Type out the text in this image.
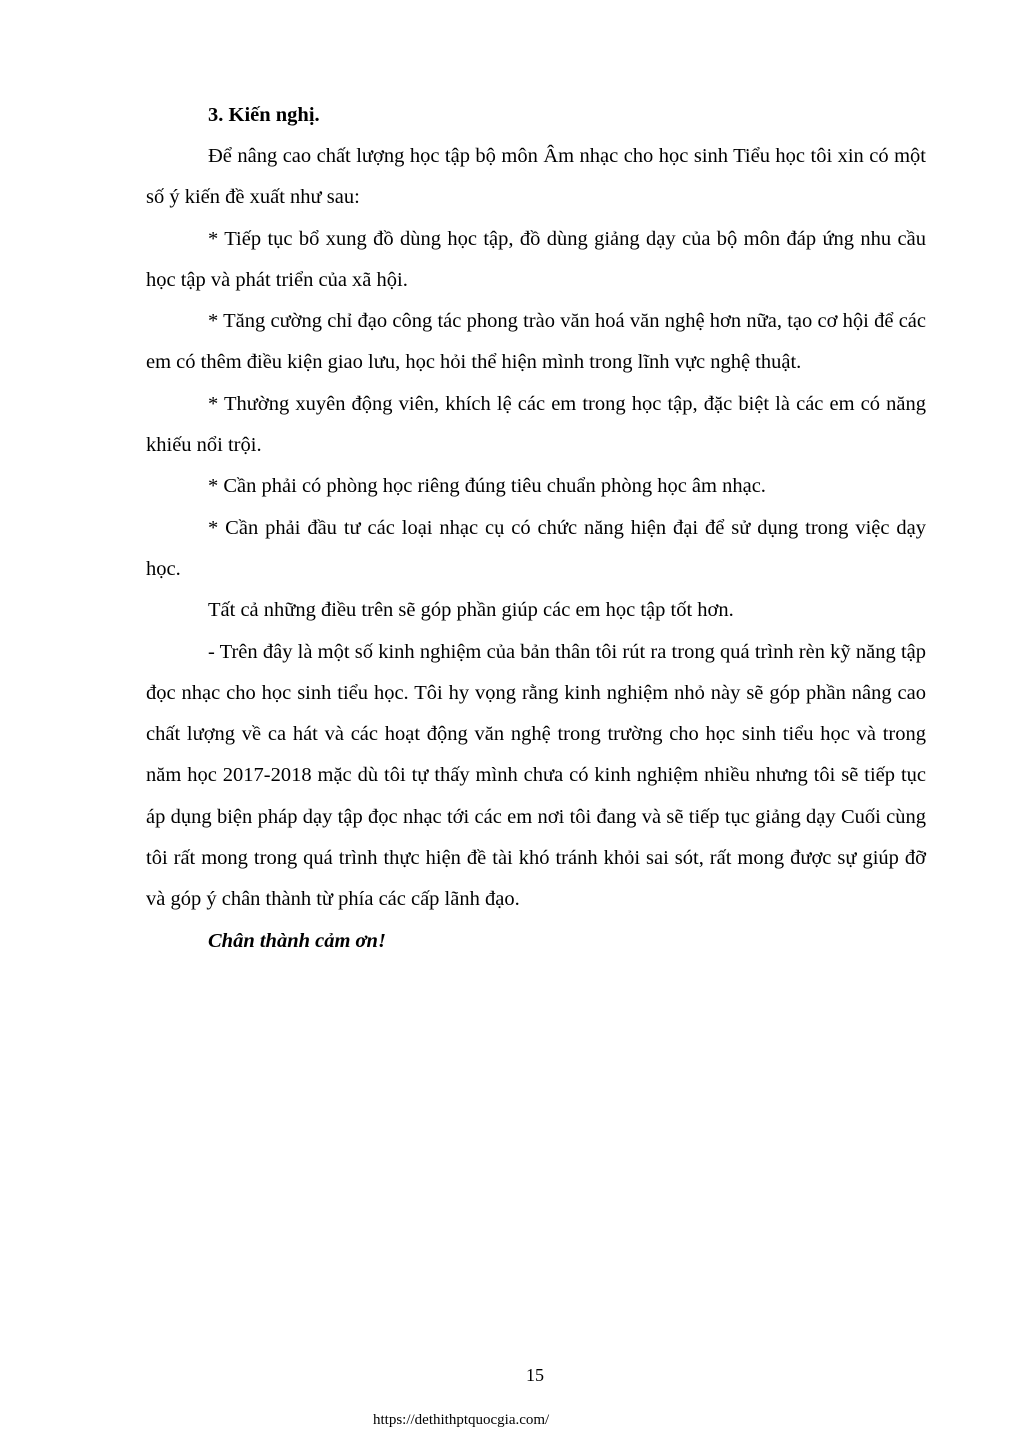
3. Kiến nghị.

Để nâng cao chất lượng học tập bộ môn Âm nhạc cho học sinh Tiểu học tôi xin có một số ý kiến đề xuất như sau:

* Tiếp tục bổ xung đồ dùng học tập, đồ dùng giảng dạy của bộ môn đáp ứng nhu cầu học tập và phát triển của xã hội.

* Tăng cường chỉ đạo công tác phong trào văn hoá văn nghệ hơn nữa, tạo cơ hội để các em có thêm điều kiện giao lưu, học hỏi thể hiện mình trong lĩnh vực nghệ thuật.

* Thường xuyên động viên, khích lệ các em trong học tập, đặc biệt là các em có năng khiếu nổi trội.

* Cần phải có phòng học riêng đúng tiêu chuẩn phòng học âm nhạc.

* Cần phải đầu tư các loại nhạc cụ có chức năng hiện đại để sử dụng trong việc dạy học.

Tất cả những điều trên sẽ góp phần giúp các em học tập tốt hơn.

- Trên đây là một số kinh nghiệm của bản thân tôi rút ra trong quá trình rèn kỹ năng tập đọc nhạc cho học sinh tiểu học. Tôi hy vọng rằng kinh nghiệm nhỏ này sẽ góp phần nâng cao chất lượng về ca hát và các hoạt động văn nghệ trong trường cho học sinh tiểu học và trong năm học 2017-2018 mặc dù tôi tự thấy mình chưa có kinh nghiệm nhiều nhưng tôi sẽ tiếp tục áp dụng biện pháp dạy tập đọc nhạc tới các em nơi tôi đang và sẽ tiếp tục giảng dạy Cuối cùng tôi rất mong trong quá trình thực hiện đề tài khó tránh khỏi sai sót, rất mong được sự giúp đỡ và góp ý chân thành từ phía các cấp lãnh đạo.

Chân thành cảm ơn!

15

https://dethithptquocgia.com/
